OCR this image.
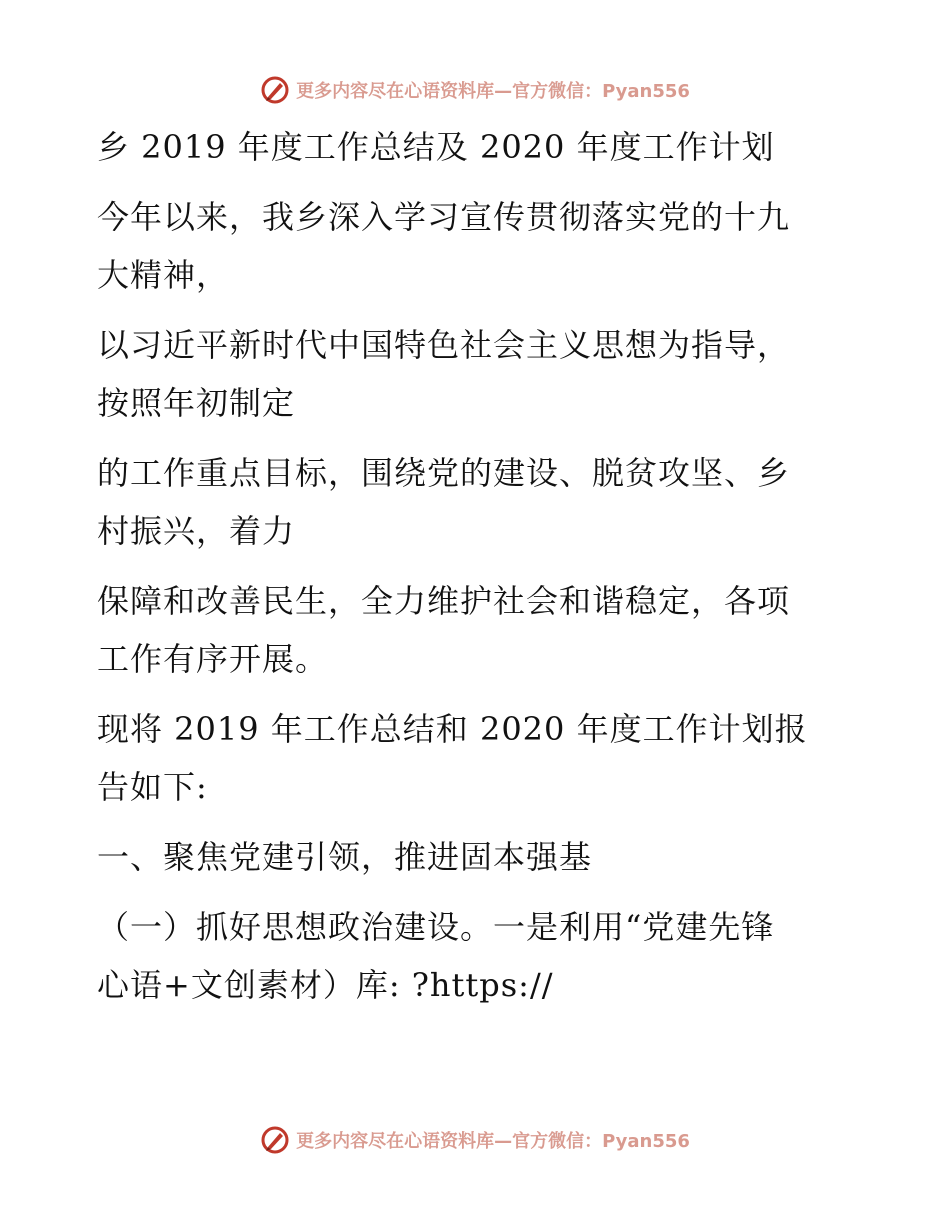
更多内容尽在心语资料库—官方微信：Pyan556
乡 2019 年度工作总结及 2020 年度工作计划
今年以来，我乡深入学习宣传贯彻落实党的十九
大精神，
以习近平新时代中国特色社会主义思想为指导，
按照年初制定
的工作重点目标，围绕党的建设、脱贫攻坚、乡
村振兴，着力
保障和改善民生，全力维护社会和谐稳定，各项
工作有序开展。
现将 2019 年工作总结和 2020 年度工作计划报
告如下:
一、聚焦党建引领，推进固本强基
（一）抓好思想政治建设。一是利用“党建先锋
心语+文创素材）库: ?https://
更多内容尽在心语资料库—官方微信：Pyan556
